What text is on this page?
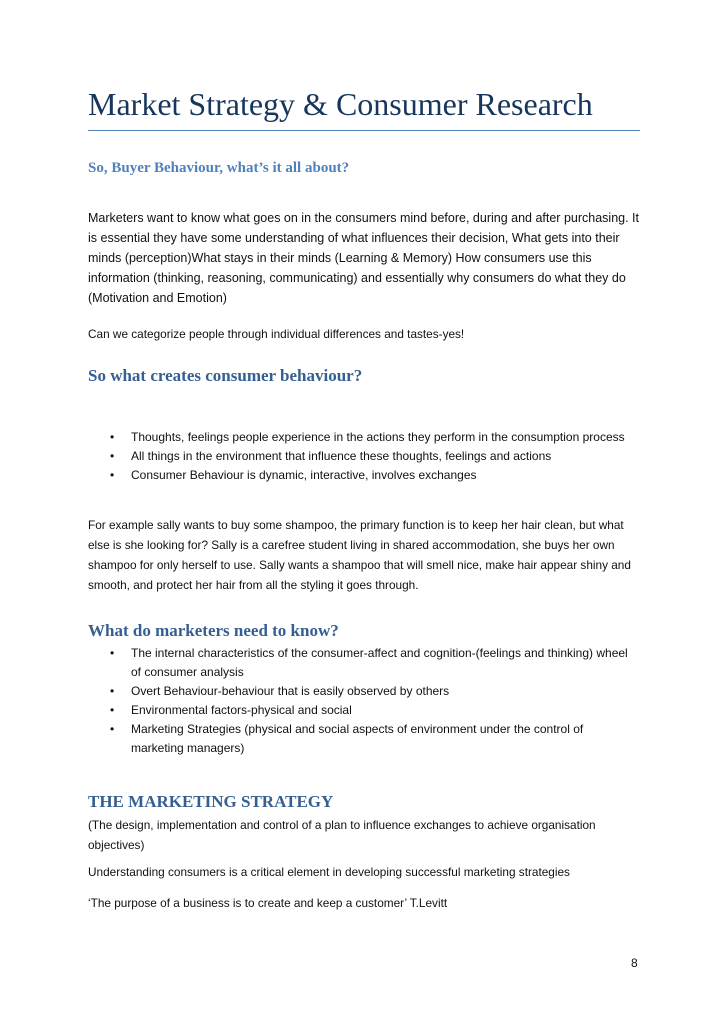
Market Strategy & Consumer Research
So, Buyer Behaviour, what’s it all about?

Marketers want to know what goes on in the consumers mind before, during and after purchasing. It is essential they have some understanding of what influences their decision, What gets into their minds (perception)What stays in their minds (Learning & Memory) How consumers use this information (thinking, reasoning, communicating) and essentially why consumers do what they do (Motivation and Emotion)

Can we categorize people through individual differences and tastes-yes!

So what creates consumer behaviour?
• Thoughts, feelings people experience in the actions they perform in the consumption process
• All things in the environment that influence these thoughts, feelings and actions
• Consumer Behaviour is dynamic, interactive, involves exchanges

For example sally wants to buy some shampoo, the primary function is to keep her hair clean, but what else is she looking for? Sally is a carefree student living in shared accommodation, she buys her own shampoo for only herself to use. Sally wants a shampoo that will smell nice, make hair appear shiny and smooth, and protect her hair from all the styling it goes through.

What do marketers need to know?
• The internal characteristics of the consumer-affect and cognition-(feelings and thinking) wheel of consumer analysis
• Overt Behaviour-behaviour that is easily observed by others
• Environmental factors-physical and social
• Marketing Strategies (physical and social aspects of environment under the control of marketing managers)
THE MARKETING STRATEGY

(The design, implementation and control of a plan to influence exchanges to achieve organisation objectives)

Understanding consumers is a critical element in developing successful marketing strategies

‘The purpose of a business is to create and keep a customer’ T.Levitt

8
